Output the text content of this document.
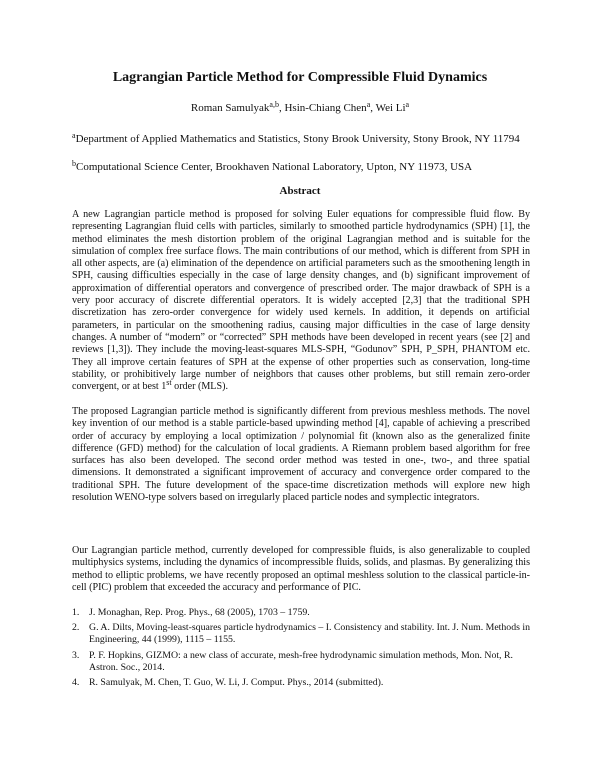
Lagrangian Particle Method for Compressible Fluid Dynamics
Roman Samulyak$^{a,b}$, Hsin-Chiang Chen$^a$, Wei Li$^a$
$^a$Department of Applied Mathematics and Statistics, Stony Brook University, Stony Brook, NY 11794
$^b$Computational Science Center, Brookhaven National Laboratory, Upton, NY 11973, USA
Abstract

A new Lagrangian particle method is proposed for solving Euler equations for compressible fluid flow. By representing Lagrangian fluid cells with particles, similarly to smoothed particle hydrodynamics (SPH) [1], the method eliminates the mesh distortion problem of the original Lagrangian method and is suitable for the simulation of complex free surface flows. The main contributions of our method, which is different from SPH in all other aspects, are (a) elimination of the dependence on artificial parameters such as the smoothening length in SPH, causing difficulties especially in the case of large density changes, and (b) significant improvement of approximation of differential operators and convergence of prescribed order. The major drawback of SPH is a very poor accuracy of discrete differential operators. It is widely accepted [2,3] that the traditional SPH discretization has zero-order convergence for widely used kernels. In addition, it depends on artificial parameters, in particular on the smoothening radius, causing major difficulties in the case of large density changes. A number of “modern” or “corrected” SPH methods have been developed in recent years (see [2] and reviews [1,3]). They include the moving-least-squares MLS-SPH, “Godunov” SPH, P_SPH, PHANTOM etc. They all improve certain features of SPH at the expense of other properties such as conservation, long-time stability, or prohibitively large number of neighbors that causes other problems, but still remain zero-order convergent, or at best 1st order (MLS).

The proposed Lagrangian particle method is significantly different from previous meshless methods. The novel key invention of our method is a stable particle-based upwinding method [4], capable of achieving a prescribed order of accuracy by employing a local optimization / polynomial fit (known also as the generalized finite difference (GFD) method) for the calculation of local gradients. A Riemann problem based algorithm for free surfaces has also been developed. The second order method was tested in one-, two-, and three spatial dimensions. It demonstrated a significant improvement of accuracy and convergence order compared to the traditional SPH. The future development of the space-time discretization methods will explore new high resolution WENO-type solvers based on irregularly placed particle nodes and symplectic integrators.

Our Lagrangian particle method, currently developed for compressible fluids, is also generalizable to coupled multiphysics systems, including the dynamics of incompressible fluids, solids, and plasmas. By generalizing this method to elliptic problems, we have recently proposed an optimal meshless solution to the classical particle-in-cell (PIC) problem that exceeded the accuracy and performance of PIC.

1. J. Monaghan, Rep. Prog. Phys., 68 (2005), 1703 – 1759.
2. G. A. Dilts, Moving-least-squares particle hydrodynamics – I. Consistency and stability. Int. J. Num. Methods in Engineering, 44 (1999), 1115 – 1155.
3. P. F. Hopkins, GIZMO: a new class of accurate, mesh-free hydrodynamic simulation methods, Mon. Not, R. Astron. Soc., 2014.
4. R. Samulyak, M. Chen, T. Guo, W. Li, J. Comput. Phys., 2014 (submitted).
